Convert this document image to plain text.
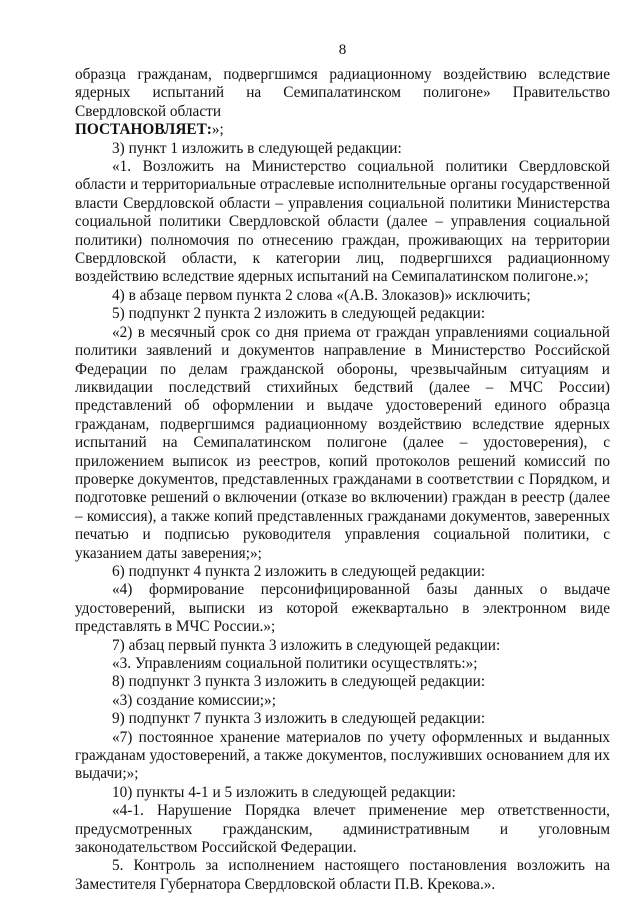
8

образца гражданам, подвергшимся радиационному воздействию вследствие ядерных испытаний на Семипалатинском полигоне» Правительство Свердловской области

ПОСТАНОВЛЯЕТ:»;

3) пункт 1 изложить в следующей редакции:

«1. Возложить на Министерство социальной политики Свердловской области и территориальные отраслевые исполнительные органы государственной власти Свердловской области – управления социальной политики Министерства социальной политики Свердловской области (далее – управления социальной политики) полномочия по отнесению граждан, проживающих на территории Свердловской области, к категории лиц, подвергшихся радиационному воздействию вследствие ядерных испытаний на Семипалатинском полигоне.»;

4) в абзаце первом пункта 2 слова «(А.В. Злоказов)» исключить;

5) подпункт 2 пункта 2 изложить в следующей редакции:

«2) в месячный срок со дня приема от граждан управлениями социальной политики заявлений и документов направление в Министерство Российской Федерации по делам гражданской обороны, чрезвычайным ситуациям и ликвидации последствий стихийных бедствий (далее – МЧС России) представлений об оформлении и выдаче удостоверений единого образца гражданам, подвергшимся радиационному воздействию вследствие ядерных испытаний на Семипалатинском полигоне (далее – удостоверения), с приложением выписок из реестров, копий протоколов решений комиссий по проверке документов, представленных гражданами в соответствии с Порядком, и подготовке решений о включении (отказе во включении) граждан в реестр (далее – комиссия), а также копий представленных гражданами документов, заверенных печатью и подписью руководителя управления социальной политики, с указанием даты заверения;»;

6) подпункт 4 пункта 2 изложить в следующей редакции:

«4) формирование персонифицированной базы данных о выдаче удостоверений, выписки из которой ежеквартально в электронном виде представлять в МЧС России.»;

7) абзац первый пункта 3 изложить в следующей редакции:

«3. Управлениям социальной политики осуществлять:»;

8) подпункт 3 пункта 3 изложить в следующей редакции:

«3) создание комиссии;»;

9) подпункт 7 пункта 3 изложить в следующей редакции:

«7) постоянное хранение материалов по учету оформленных и выданных гражданам удостоверений, а также документов, послуживших основанием для их выдачи;»;

10) пункты 4-1 и 5 изложить в следующей редакции:

«4-1. Нарушение Порядка влечет применение мер ответственности, предусмотренных гражданским, административным и уголовным законодательством Российской Федерации.

5. Контроль за исполнением настоящего постановления возложить на Заместителя Губернатора Свердловской области П.В. Крекова.».
